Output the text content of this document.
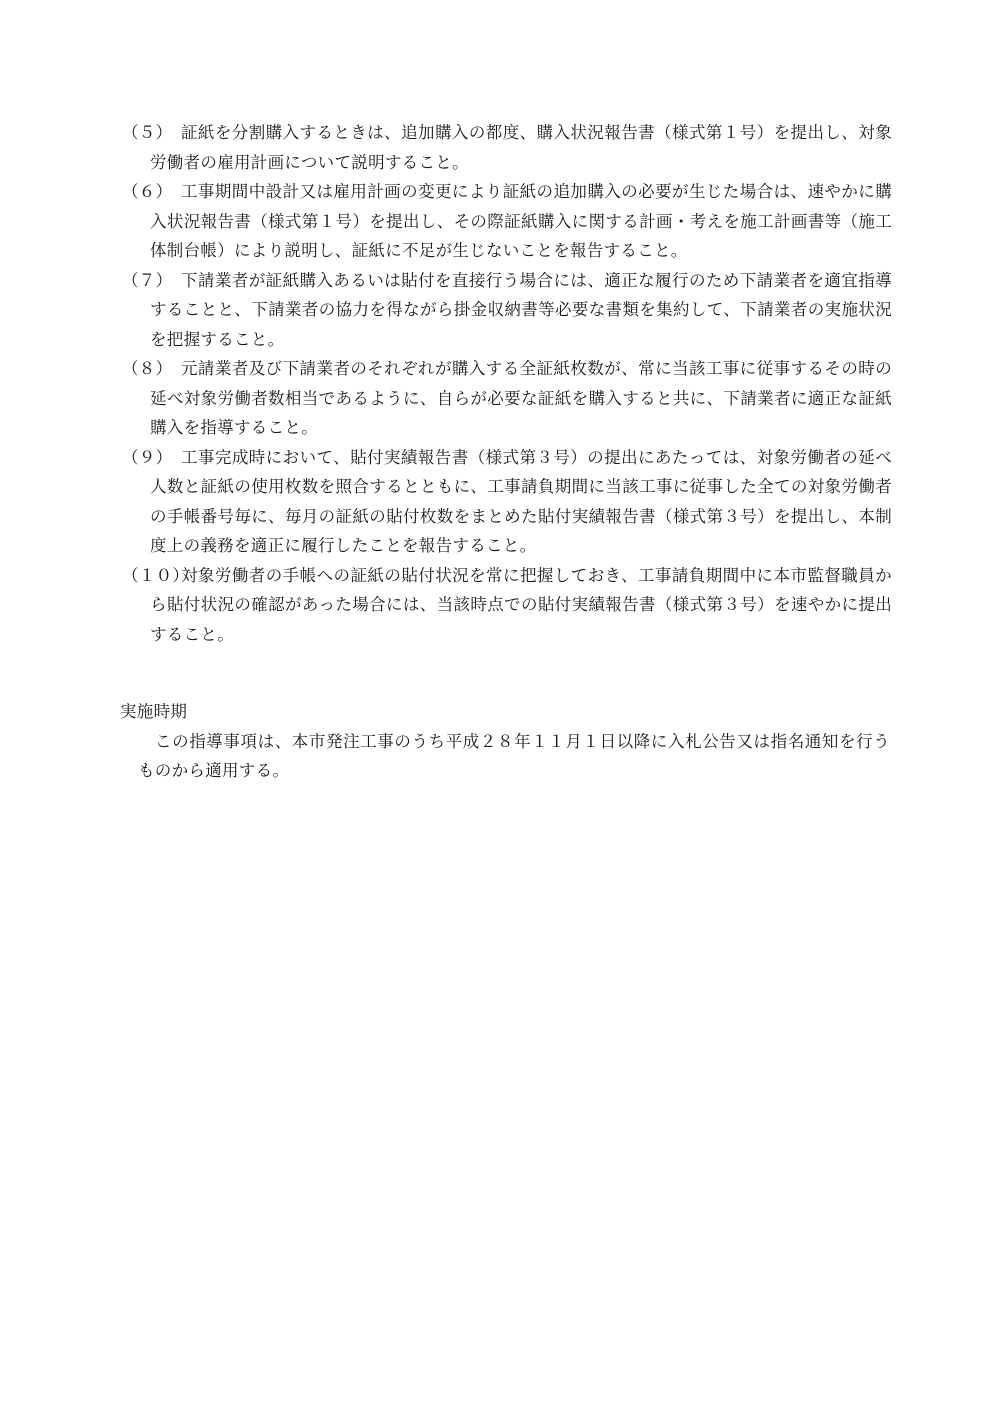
（５） 証紙を分割購入するときは、追加購入の都度、購入状況報告書（様式第１号）を提出し、対象労働者の雇用計画について説明すること。
（６） 工事期間中設計又は雇用計画の変更により証紙の追加購入の必要が生じた場合は、速やかに購入状況報告書（様式第１号）を提出し、その際証紙購入に関する計画・考えを施工計画書等（施工体制台帳）により説明し、証紙に不足が生じないことを報告すること。
（７） 下請業者が証紙購入あるいは貼付を直接行う場合には、適正な履行のため下請業者を適宜指導することと、下請業者の協力を得ながら掛金収納書等必要な書類を集約して、下請業者の実施状況を把握すること。
（８） 元請業者及び下請業者のそれぞれが購入する全証紙枚数が、常に当該工事に従事するその時の延べ対象労働者数相当であるように、自らが必要な証紙を購入すると共に、下請業者に適正な証紙購入を指導すること。
（９） 工事完成時において、貼付実績報告書（様式第３号）の提出にあたっては、対象労働者の延べ人数と証紙の使用枚数を照合するとともに、工事請負期間に当該工事に従事した全ての対象労働者の手帳番号毎に、毎月の証紙の貼付枚数をまとめた貼付実績報告書（様式第３号）を提出し、本制度上の義務を適正に履行したことを報告すること。
（１０）
対象労働者の手帳への証紙の貼付状況を常に把握しておき、工事請負期間中に本市監督職員から貼付状況の確認があった場合には、当該時点での貼付実績報告書（様式第３号）を速やかに提出すること。
実施時期
この指導事項は、本市発注工事のうち平成２８年１１月１日以降に入札公告又は指名通知を行うものから適用する。
